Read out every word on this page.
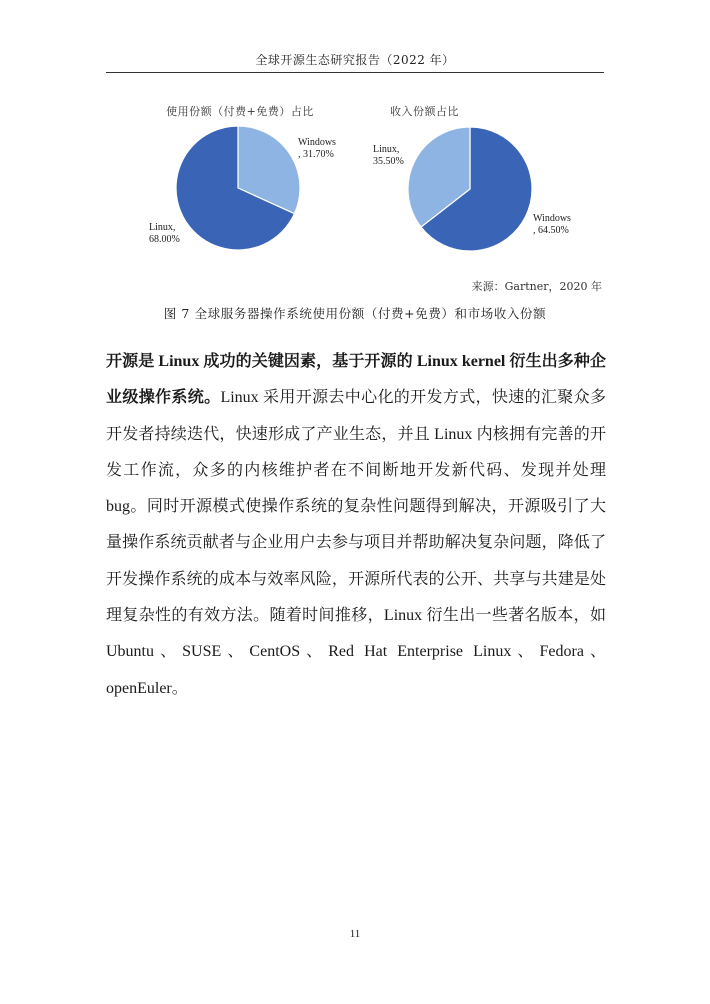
全球开源生态研究报告（2022 年）
使用份额（付费+免费）占比
Windows , 31.70%
Linux, 68.00%
收入份额占比
Windows , 64.50%
Linux, 35.50%
来源：Gartner，2020 年
图 7 全球服务器操作系统使用份额（付费+免费）和市场收入份额
开源是 Linux 成功的关键因素，基于开源的 Linux kernel 衍生出多种企业级操作系统。Linux 采用开源去中心化的开发方式，快速的汇聚众多开发者持续迭代，快速形成了产业生态，并且 Linux 内核拥有完善的开发工作流，众多的内核维护者在不间断地开发新代码、发现并处理 bug。同时开源模式使操作系统的复杂性问题得到解决，开源吸引了大量操作系统贡献者与企业用户去参与项目并帮助解决复杂问题，降低了开发操作系统的成本与效率风险，开源所代表的公开、共享与共建是处理复杂性的有效方法。随着时间推移，Linux 衍生出一些著名版本，如 Ubuntu、SUSE、CentOS、Red Hat Enterprise Linux、Fedora、openEuler。
11
